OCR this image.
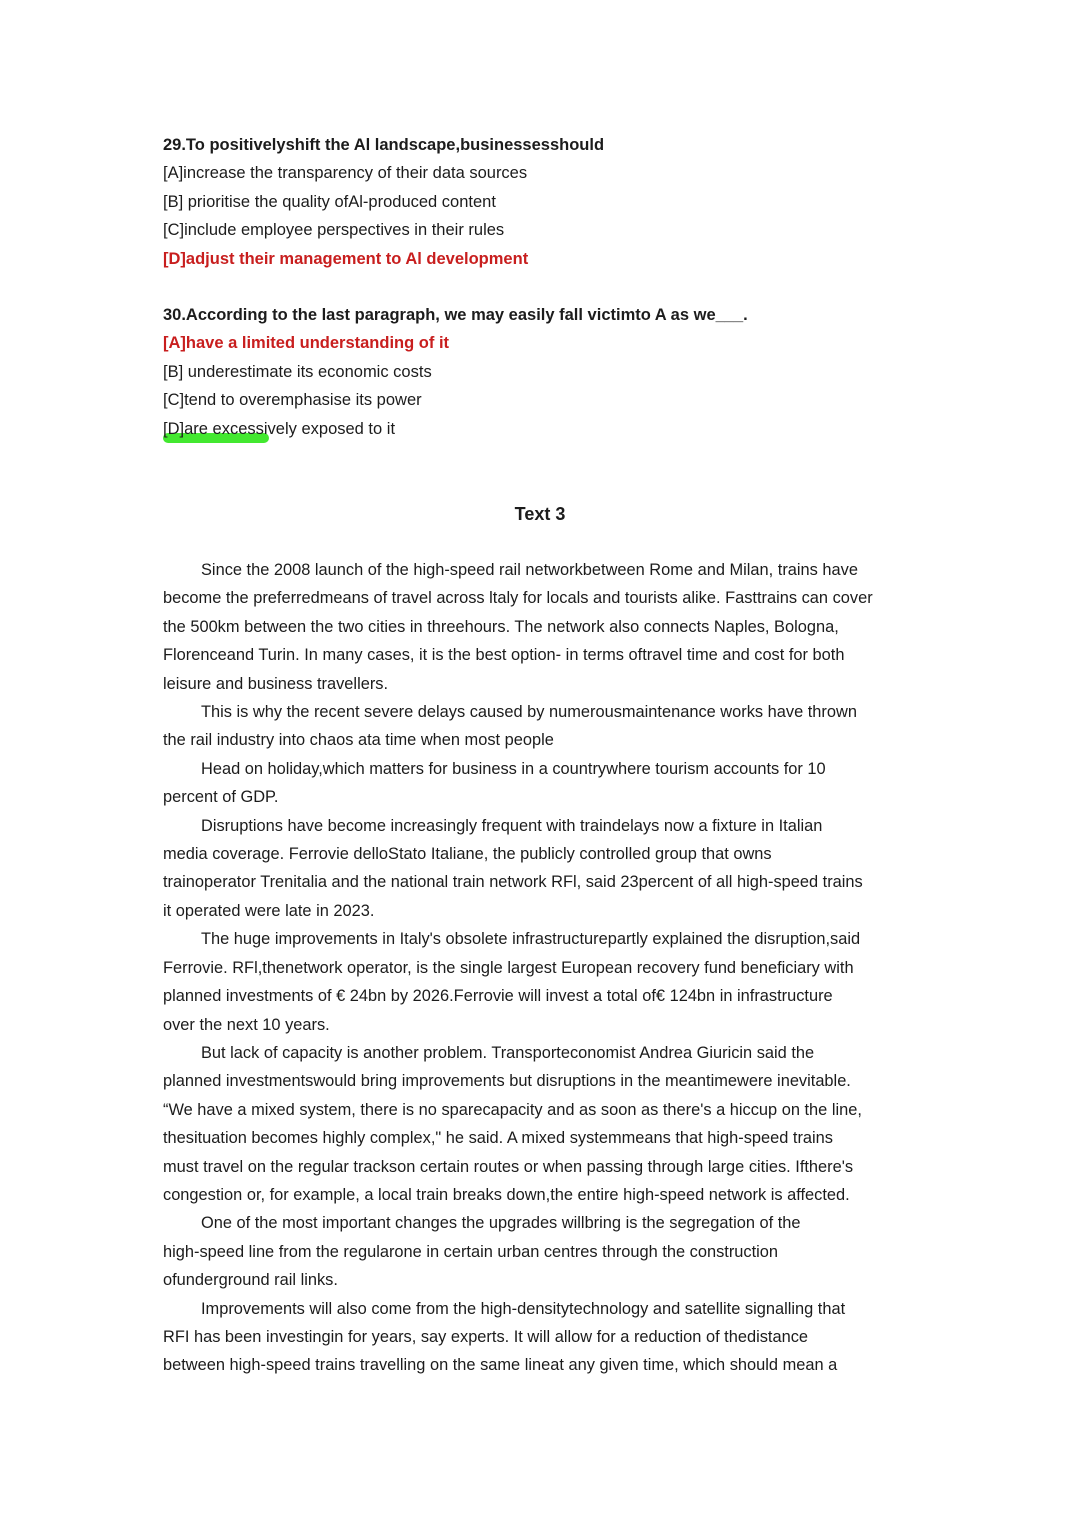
29.To positivelyshift the Al landscape,businessesshould
[A]increase the transparency of their data sources
[B] prioritise the quality ofAl-produced content
[C]include employee perspectives in their rules
[D]adjust their management to Al development
30.According to the last paragraph, we may easily fall victimto A as we___.
[A]have a limited understanding of it
[B] underestimate its economic costs
[C]tend to overemphasise its power
[D]are excessively exposed to it
Text 3

Since the 2008 launch of the high-speed rail networkbetween Rome and Milan, trains have
become the preferredmeans of travel across ltaly for locals and tourists alike. Fasttrains can cover
the 500km between the two cities in threehours. The network also connects Naples, Bologna,
Florenceand Turin. In many cases, it is the best option- in terms oftravel time and cost for both
leisure and business travellers.

This is why the recent severe delays caused by numerousmaintenance works have thrown
the rail industry into chaos ata time when most people

Head on holiday,which matters for business in a countrywhere tourism accounts for 10
percent of GDP.

Disruptions have become increasingly frequent with traindelays now a fixture in Italian
media coverage. Ferrovie delloStato Italiane, the publicly controlled group that owns
trainoperator Trenitalia and the national train network RFl, said 23percent of all high-speed trains
it operated were late in 2023.

The huge improvements in Italy's obsolete infrastructurepartly explained the disruption,said
Ferrovie. RFl,thenetwork operator, is the single largest European recovery fund beneficiary with
planned investments of € 24bn by 2026.Ferrovie will invest a total of€ 124bn in infrastructure
over the next 10 years.

But lack of capacity is another problem. Transporteconomist Andrea Giuricin said the
planned investmentswould bring improvements but disruptions in the meantimewere inevitable.
“We have a mixed system, there is no sparecapacity and as soon as there's a hiccup on the line,
thesituation becomes highly complex," he said. A mixed systemmeans that high-speed trains
must travel on the regular trackson certain routes or when passing through large cities. Ifthere's
congestion or, for example, a local train breaks down,the entire high-speed network is affected.

One of the most important changes the upgrades willbring is the segregation of the
high-speed line from the regularone in certain urban centres through the construction
ofunderground rail links.

Improvements will also come from the high-densitytechnology and satellite signalling that
RFI has been investingin for years, say experts. It will allow for a reduction of thedistance
between high-speed trains travelling on the same lineat any given time, which should mean a
